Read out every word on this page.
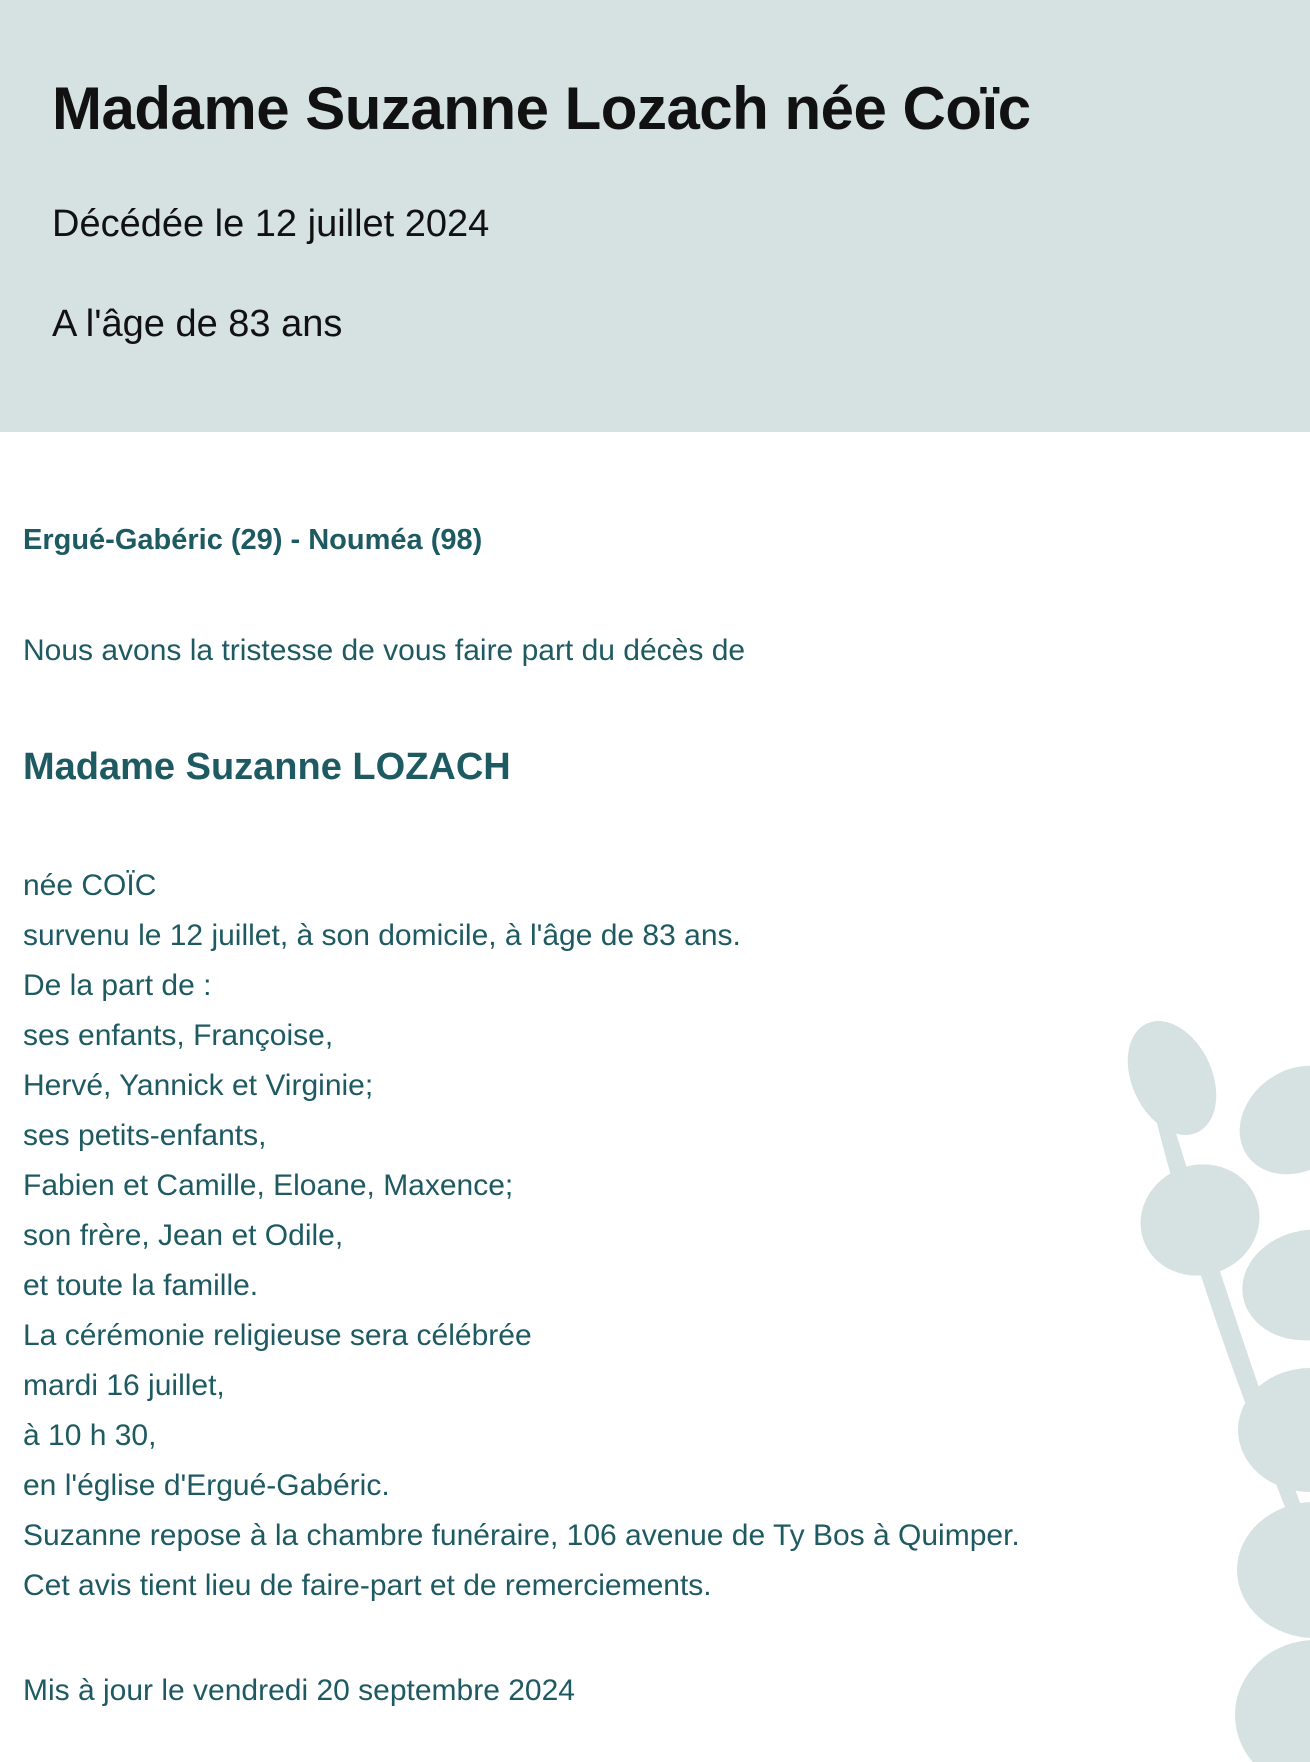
Madame Suzanne Lozach née Coïc

Décédée le 12 juillet 2024

A l'âge de 83 ans

Ergué-Gabéric (29) - Nouméa (98)

Nous avons la tristesse de vous faire part du décès de

Madame Suzanne LOZACH

née COÏC
survenu le 12 juillet, à son domicile, à l'âge de 83 ans.
De la part de :
ses enfants, Françoise,
Hervé, Yannick et Virginie;
ses petits-enfants,
Fabien et Camille, Eloane, Maxence;
son frère, Jean et Odile,
et toute la famille.
La cérémonie religieuse sera célébrée
mardi 16 juillet,
à 10 h 30,
en l'église d'Ergué-Gabéric.
Suzanne repose à la chambre funéraire, 106 avenue de Ty Bos à Quimper.
Cet avis tient lieu de faire-part et de remerciements.

Mis à jour le vendredi 20 septembre 2024
